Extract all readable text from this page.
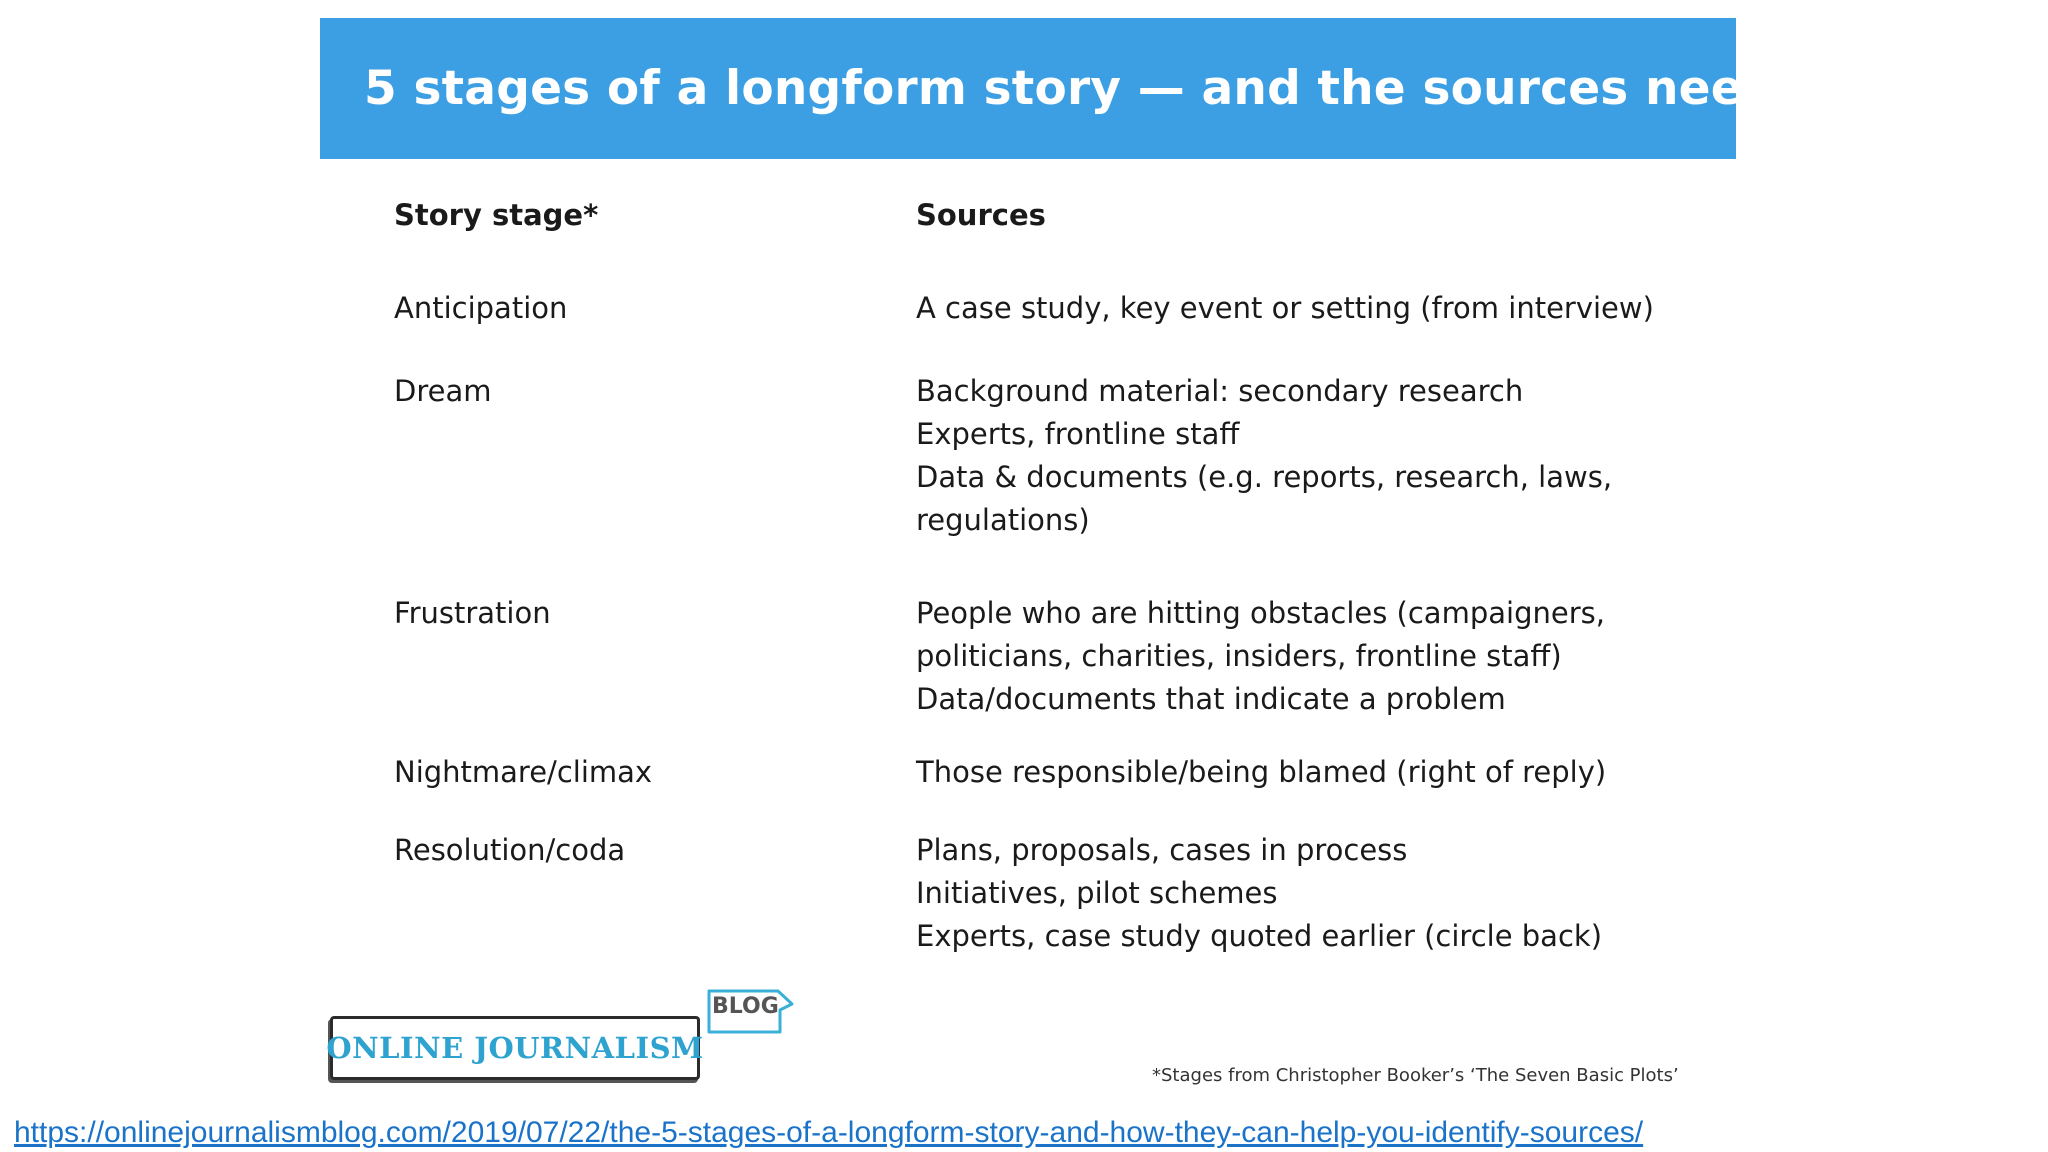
5 stages of a longform story — and the sources needed
Story stage*	Sources
Anticipation	A case study, key event or setting (from interview)
Dream	Background material: secondary research
Experts, frontline staff
Data & documents (e.g. reports, research, laws,
regulations)
Frustration	People who are hitting obstacles (campaigners,
politicians, charities, insiders, frontline staff)
Data/documents that indicate a problem
Nightmare/climax	Those responsible/being blamed (right of reply)
Resolution/coda	Plans, proposals, cases in process
Initiatives, pilot schemes
Experts, case study quoted earlier (circle back)
ONLINE JOURNALISM
BLOG
*Stages from Christopher Booker’s ‘The Seven Basic Plots’
https://onlinejournalismblog.com/2019/07/22/the-5-stages-of-a-longform-story-and-how-they-can-help-you-identify-sources/
